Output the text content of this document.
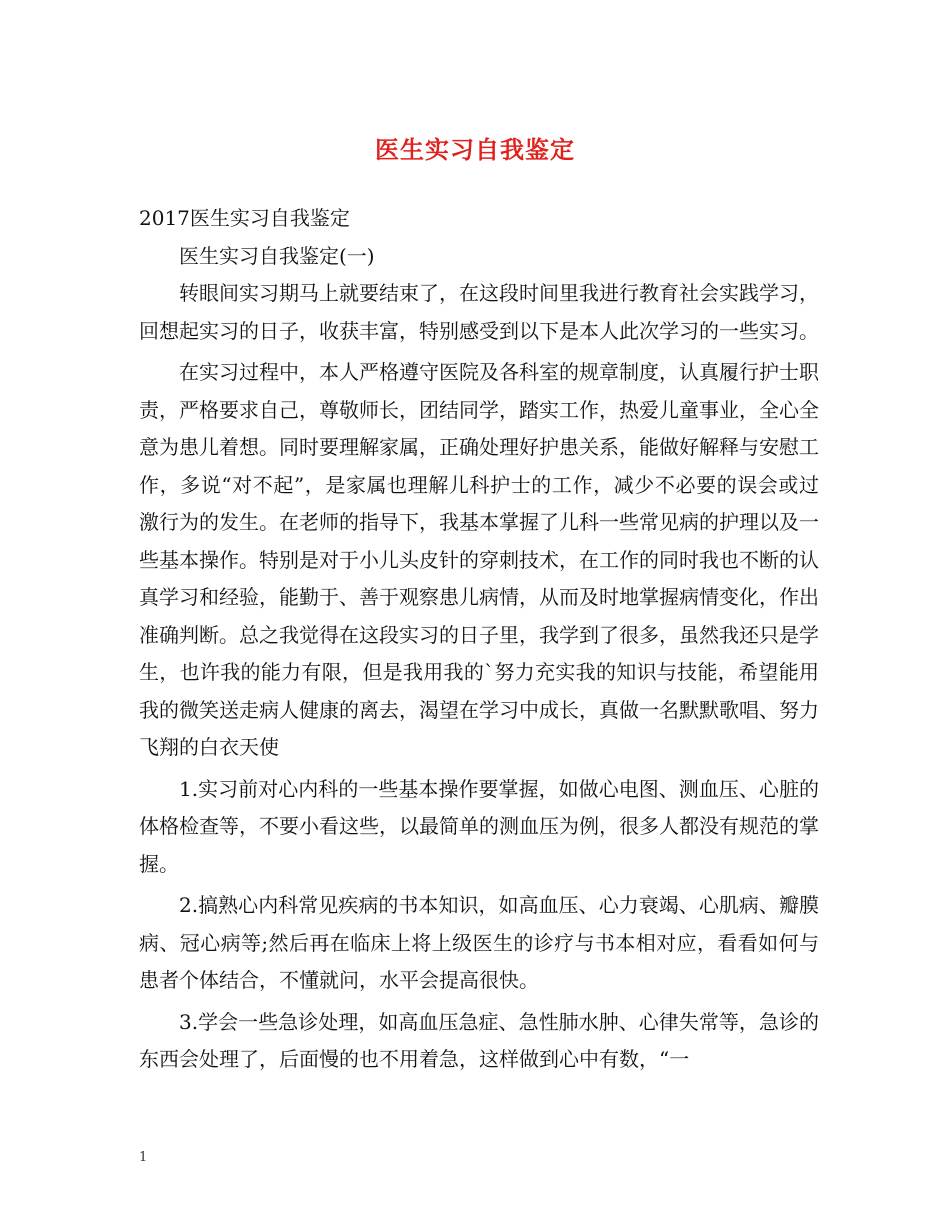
医生实习自我鉴定

2017医生实习自我鉴定

医生实习自我鉴定(一)

转眼间实习期马上就要结束了，在这段时间里我进行教育社会实践学习，回想起实习的日子，收获丰富，特别感受到以下是本人此次学习的一些实习。

在实习过程中，本人严格遵守医院及各科室的规章制度，认真履行护士职责，严格要求自己，尊敬师长，团结同学，踏实工作，热爱儿童事业，全心全意为患儿着想。同时要理解家属，正确处理好护患关系，能做好解释与安慰工作，多说“对不起”，是家属也理解儿科护士的工作，减少不必要的误会或过激行为的发生。在老师的指导下，我基本掌握了儿科一些常见病的护理以及一些基本操作。特别是对于小儿头皮针的穿刺技术，在工作的同时我也不断的认真学习和经验，能勤于、善于观察患儿病情，从而及时地掌握病情变化，作出准确判断。总之我觉得在这段实习的日子里，我学到了很多，虽然我还只是学生，也许我的能力有限，但是我用我的`努力充实我的知识与技能，希望能用我的微笑送走病人健康的离去，渴望在学习中成长，真做一名默默歌唱、努力飞翔的白衣天使

1.实习前对心内科的一些基本操作要掌握，如做心电图、测血压、心脏的体格检查等，不要小看这些，以最简单的测血压为例，很多人都没有规范的掌握。

2.搞熟心内科常见疾病的书本知识，如高血压、心力衰竭、心肌病、瓣膜病、冠心病等;然后再在临床上将上级医生的诊疗与书本相对应，看看如何与患者个体结合，不懂就问，水平会提高很快。

3.学会一些急诊处理，如高血压急症、急性肺水肿、心律失常等，急诊的东西会处理了，后面慢的也不用着急，这样做到心中有数，“一

1
